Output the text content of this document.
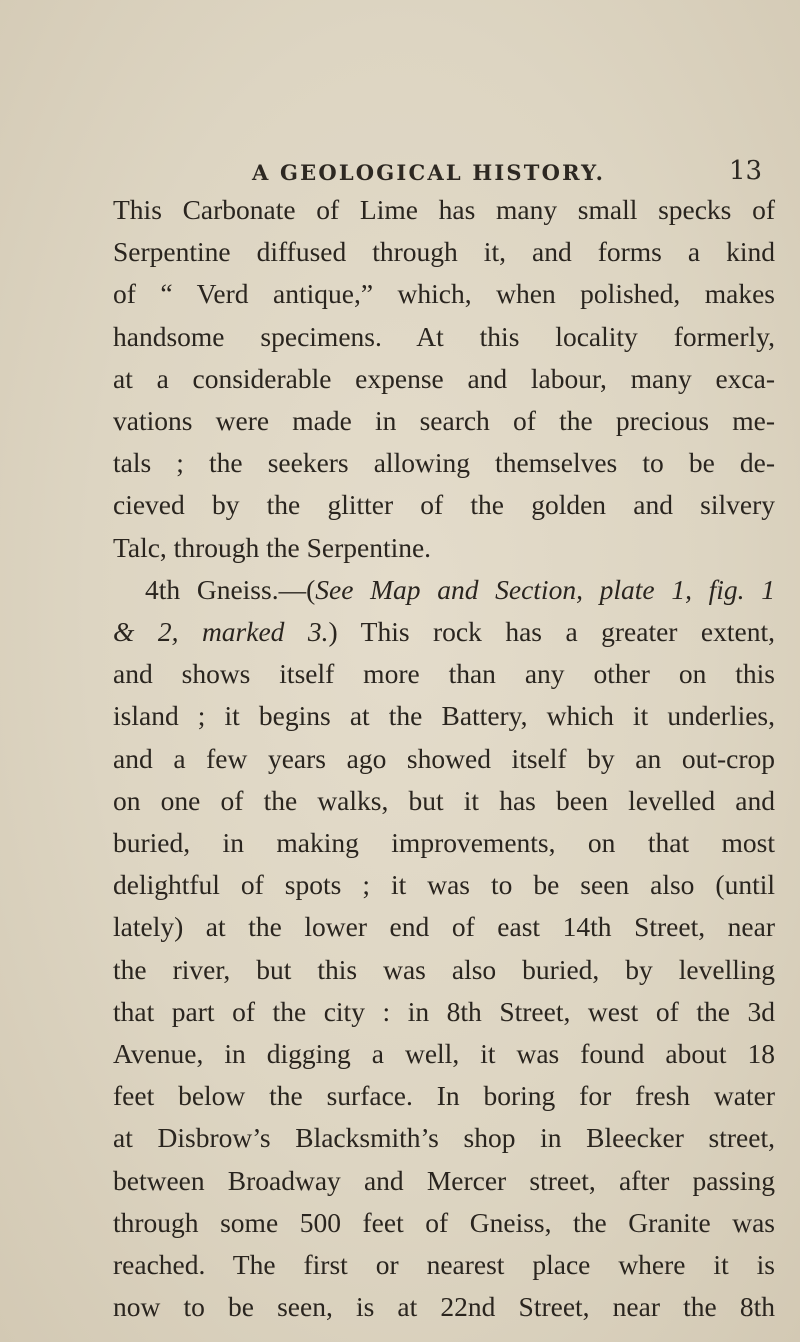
A GEOLOGICAL HISTORY.	13
This Carbonate of Lime has many small specks of
Serpentine diffused through it, and forms a kind
of “ Verd antique,” which, when polished, makes
handsome specimens. At this locality formerly,
at a considerable expense and labour, many exca-
vations were made in search of the precious me-
tals ; the seekers allowing themselves to be de-
cieved by the glitter of the golden and silvery
Talc, through the Serpentine.
4th Gneiss.—(See Map and Section, plate 1, fig. 1
& 2, marked 3.) This rock has a greater extent,
and shows itself more than any other on this
island ; it begins at the Battery, which it underlies,
and a few years ago showed itself by an out-crop
on one of the walks, but it has been levelled and
buried, in making improvements, on that most
delightful of spots ; it was to be seen also (until
lately) at the lower end of east 14th Street, near
the river, but this was also buried, by levelling
that part of the city : in 8th Street, west of the 3d
Avenue, in digging a well, it was found about 18
feet below the surface. In boring for fresh water
at Disbrow’s Blacksmith’s shop in Bleecker street,
between Broadway and Mercer street, after passing
through some 500 feet of Gneiss, the Granite was
reached. The first or nearest place where it is
now to be seen, is at 22nd Street, near the 8th
